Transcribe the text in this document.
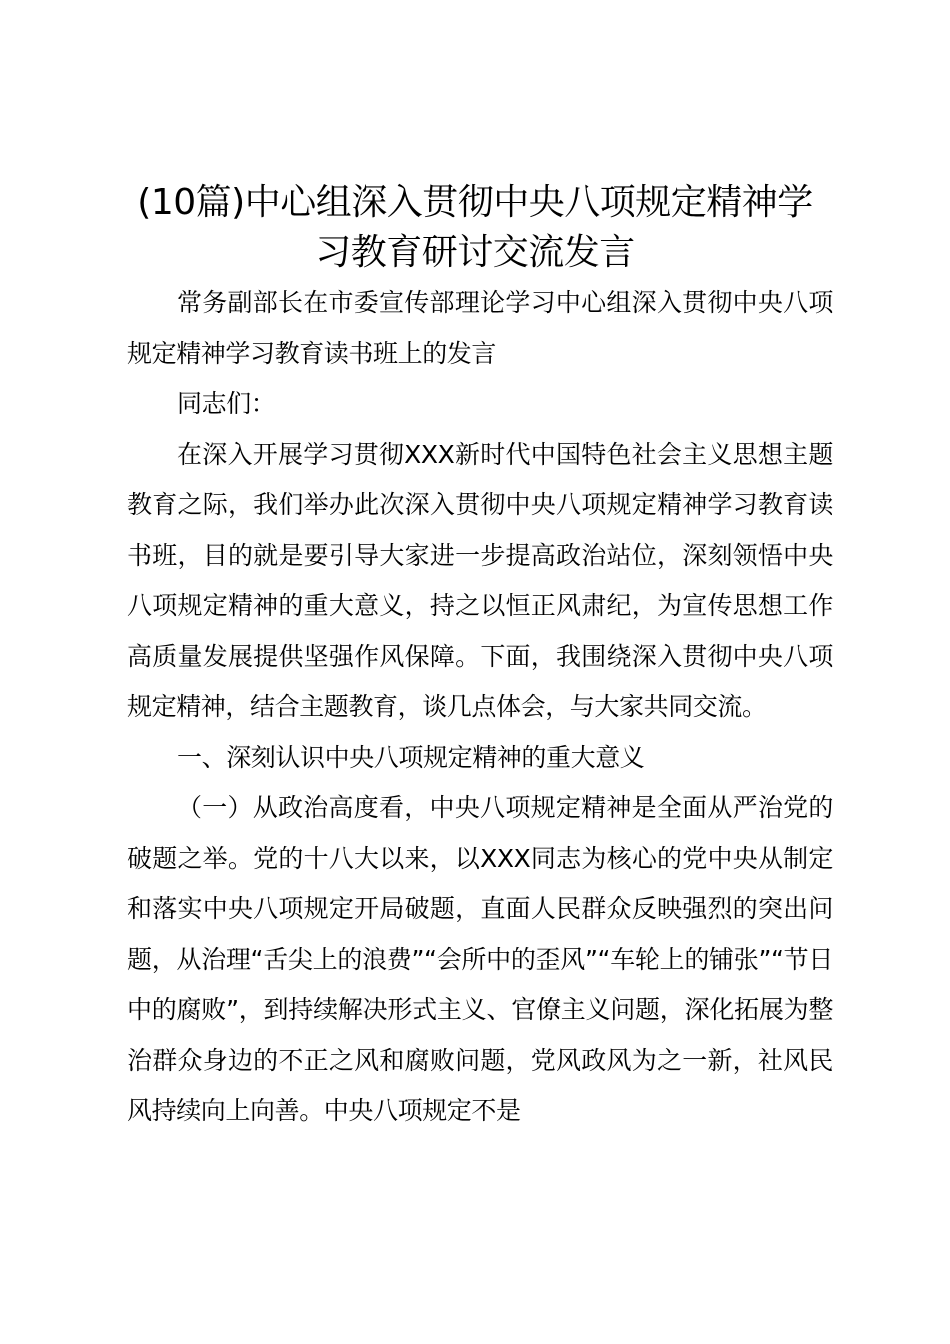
(10篇)中心组深入贯彻中央八项规定精神学习教育研讨交流发言

常务副部长在市委宣传部理论学习中心组深入贯彻中央八项规定精神学习教育读书班上的发言

同志们：

在深入开展学习贯彻XXX新时代中国特色社会主义思想主题教育之际，我们举办此次深入贯彻中央八项规定精神学习教育读书班，目的就是要引导大家进一步提高政治站位，深刻领悟中央八项规定精神的重大意义，持之以恒正风肃纪，为宣传思想工作高质量发展提供坚强作风保障。下面，我围绕深入贯彻中央八项规定精神，结合主题教育，谈几点体会，与大家共同交流。

一、深刻认识中央八项规定精神的重大意义

（一）从政治高度看，中央八项规定精神是全面从严治党的破题之举。党的十八大以来，以XXX同志为核心的党中央从制定和落实中央八项规定开局破题，直面人民群众反映强烈的突出问题，从治理“舌尖上的浪费”“会所中的歪风”“车轮上的铺张”“节日中的腐败”，到持续解决形式主义、官僚主义问题，深化拓展为整治群众身边的不正之风和腐败问题，党风政风为之一新，社风民风持续向上向善。中央八项规定不是
